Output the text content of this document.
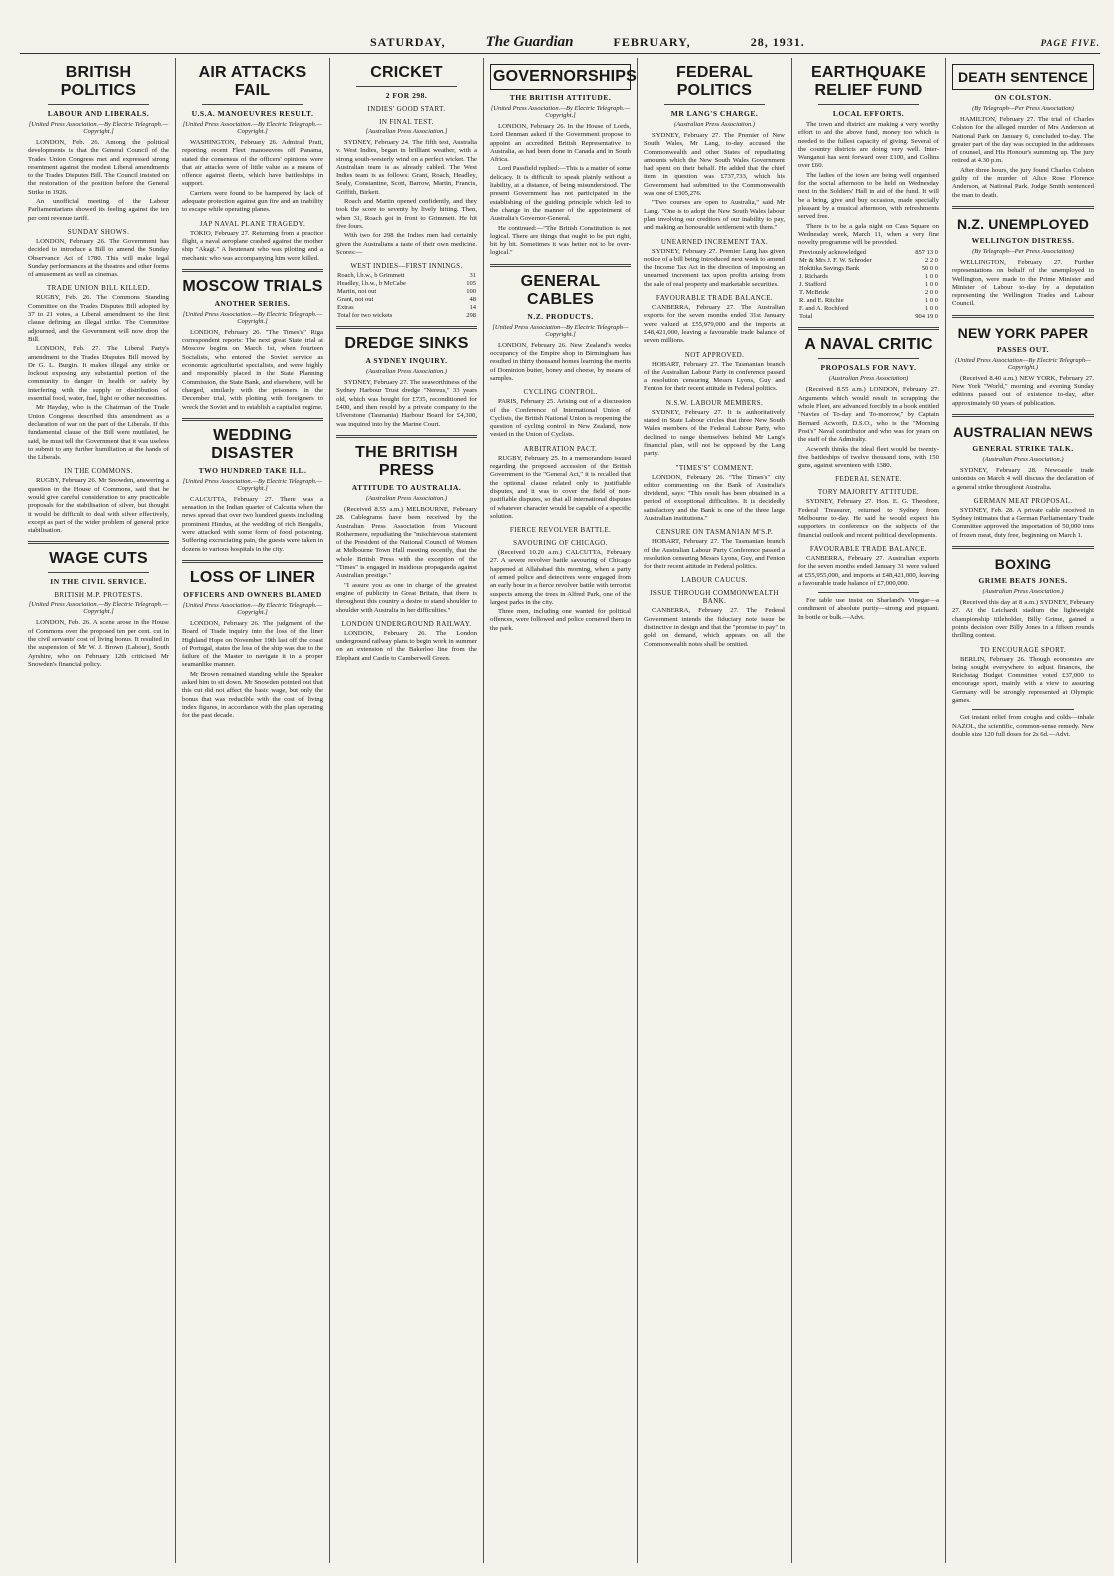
SATURDAY,	The Guardian	FEBRUARY,	28, 1931.	PAGE FIVE.
BRITISH POLITICS
LABOUR AND LIBERALS.
[United Press Association.—By Electric Telegraph.—Copyright.]

LONDON, Feb. 26. Among the political developments is that the General Council of the Trades Union Congress met and expressed strong resentment against the modest Liberal amendments to the Trades Disputes Bill. The Council insisted on the restoration of the position before the General Strike in 1926.

An unofficial meeting of the Labour Parliamentarians showed its feeling against the ten per cent revenue tariff.

SUNDAY SHOWS.

LONDON, February 26. The Government has decided to introduce a Bill to amend the Sunday Observance Act of 1780. This will make legal Sunday performances at the theatres and other forms of amusement as well as cinemas.

TRADE UNION BILL KILLED.

RUGBY, Feb. 26. The Commons Standing Committee on the Trades Disputes Bill adopted by 37 to 21 votes, a Liberal amendment to the first clause defining an illegal strike. The Committee adjourned, and the Government will now drop the Bill.

LONDON, Feb. 27. The Liberal Party's amendment to the Trades Disputes Bill moved by Dr G. L. Burgin. It makes illegal any strike or lockout exposing any substantial portion of the community to danger in health or safety by interfering with the supply or distribution of essential food, water, fuel, light or other necessities.

Mr Hayday, who is the Chairman of the Trade Union Congress described this amendment as a declaration of war on the part of the Liberals. If this fundamental clause of the Bill were mutilated, he said, he must tell the Government that it was useless to submit to any further humiliation at the hands of the Liberals.

IN THE COMMONS.

RUGBY, February 26. Mr Snowden, answering a question in the House of Commons, said that he would give careful consideration to any practicable proposals for the stabilisation of silver, but thought it would be difficult to deal with silver effectively, except as part of the wider problem of general price stabilisation.

WAGE CUTS
IN THE CIVIL SERVICE.
BRITISH M.P. PROTESTS.
[United Press Association.—By Electric Telegraph.—Copyright.]

LONDON, Feb. 26. A scene arose in the House of Commons over the proposed ten per cent. cut in the civil servants' cost of living bonus. It resulted in the suspension of Mr W. J. Brown (Labour), South Ayrshire, who on February 12th criticised Mr Snowden's financial policy.

AIR ATTACKS FAIL
U.S.A. MANOEUVRES RESULT.
[United Press Association.—By Electric Telegraph.—Copyright.]

WASHINGTON, February 26. Admiral Pratt, reporting recent Fleet manoeuvres off Panama, stated the consensus of the officers' opinions were that air attacks were of little value as a means of offence against fleets, which have battleships in support.

Carriers were found to be hampered by lack of adequate protection against gun fire and an inability to escape while operating planes.

JAP NAVAL PLANE TRAGEDY.

TOKIO, February 27. Returning from a practice flight, a naval aeroplane crashed against the mother ship "Akagi." A lieutenant who was piloting and a mechanic who was accompanying him were killed.

MOSCOW TRIALS
ANOTHER SERIES.
[United Press Association.—By Electric Telegraph.—Copyright.]

LONDON, February 26. "The Times's" Riga correspondent reports: The next great State trial at Moscow begins on March 1st, when fourteen Socialists, who entered the Soviet service as economic agriculturist specialists, and were highly and responsibly placed in the State Planning Commission, the State Bank, and elsewhere, will be charged, similarly with the prisoners in the December trial, with plotting with foreigners to wreck the Soviet and to establish a capitalist regime.

WEDDING DISASTER
TWO HUNDRED TAKE ILL.
[United Press Association.—By Electric Telegraph.—Copyright.]

CALCUTTA, February 27. There was a sensation in the Indian quarter of Calcutta when the news spread that over two hundred guests including prominent Hindus, at the wedding of rich Bengalis, were attacked with some form of food poisoning. Suffering excruciating pain, the guests were taken in dozens to various hospitals in the city.

LOSS OF LINER
OFFICERS AND OWNERS BLAMED
[United Press Association.—By Electric Telegraph.—Copyright.]

LONDON, February 26. The judgment of the Board of Trade inquiry into the loss of the liner Highland Hope on November 19th last off the coast of Portugal, states the loss of the ship was due to the failure of the Master to navigate it in a proper seamanlike manner.

Mr Brown remained standing while the Speaker asked him to sit down. Mr Snowden pointed out that this cut did not affect the basic wage, but only the bonus that was reducible with the cost of living index figures, in accordance with the plan operating for the past decade.

CRICKET
2 FOR 298.
INDIES' GOOD START.
IN FINAL TEST.
[Australian Press Association.]

SYDNEY, February 24. The fifth test, Australia v. West Indies, began in brilliant weather, with a strong south-westerly wind on a perfect wicket. The Australian team is as already cabled. The West Indies team is as follows: Grant, Roach, Headley, Sealy, Constantine, Scott, Barrow, Martin, Francis, Griffith, Birkett.

Roach and Martin opened confidently, and they took the score to seventy by lively hitting. Then, when 31, Roach got in front to Grimmett. He hit five fours.

With two for 298 the Indies men had certainly given the Australians a taste of their own medicine. Scores:—

WEST INDIES—FIRST INNINGS.
Roach, l.b.w., b Grimmett	31
Headley, l.b.w., b McCabe	105
Martin, not out	100
Grant, not out	48
Extras	14
Total for two wickets	298
DREDGE SINKS
A SYDNEY INQUIRY.
(Australian Press Association.)

SYDNEY, February 27. The seaworthiness of the Sydney Harbour Trust dredge "Nereus," 33 years old, which was bought for £735, reconditioned for £400, and then resold by a private company to the Ulverstone (Tasmania) Harbour Board for £4,300, was inquired into by the Marine Court.

THE BRITISH PRESS
ATTITUDE TO AUSTRALIA.
(Australian Press Association.)

(Received 8.55 a.m.) MELBOURNE, February 28. Cablegrams have been received by the Australian Press Association from Viscount Rothermere, repudiating the "mischievous statement of the President of the National Council of Women at Melbourne Town Hall meeting recently, that the whole British Press with the exception of the "Times" is engaged in insidious propaganda against Australian prestige."

"I assure you as one in charge of the greatest engine of publicity in Great Britain, that there is throughout this country a desire to stand shoulder to shoulder with Australia in her difficulties."

LONDON UNDERGROUND RAILWAY.

LONDON, February 26. The London underground railway plans to begin work in summer on an extension of the Bakerloo line from the Elephant and Castle to Camberwell Green.

GOVERNORSHIPS
THE BRITISH ATTITUDE.
[United Press Association.—By Electric Telegraph.—Copyright.]

LONDON, February 26. In the House of Lords, Lord Denman asked if the Government propose to appoint an accredited British Representative to Australia, as had been done in Canada and in South Africa.

Lord Passfield replied:—This is a matter of some delicacy. It is difficult to speak plainly without a liability, at a distance, of being misunderstood. The present Government has not participated in the establishing of the guiding principle which led to the change in the manner of the appointment of Australia's Governor-General.

He continued:—"The British Constitution is not logical. There are things that ought to be put right, bit by bit. Sometimes it was better not to be over-logical."

GENERAL CABLES
N.Z. PRODUCTS.
[United Press Association—By Electric Telegraph—Copyright.]

LONDON, February 26. New Zealand's weeks occupancy of the Empire shop in Birmingham has resulted in thirty thousand homes learning the merits of Dominion butter, honey and cheese, by means of samples.

CYCLING CONTROL.

PARIS, February 25. Arising out of a discussion of the Conference of International Union of Cyclists, the British National Union is reopening the question of cycling control in New Zealand, now vested in the Union of Cyclists.

ARBITRATION PACT.

RUGBY, February 25. In a memorandum issued regarding the proposed accession of the British Government to the "General Act," it is recalled that the optional clause related only to justifiable disputes, and it was to cover the field of non-justifiable disputes, so that all international disputes of whatever character would be capable of a specific solution.

FIERCE REVOLVER BATTLE.
SAVOURING OF CHICAGO.

(Received 10.20 a.m.) CALCUTTA, February 27. A severe revolver battle savouring of Chicago happened at Allahabad this morning, when a party of armed police and detectives were engaged from an early hour in a fierce revolver battle with terrorist suspects among the trees in Alfred Park, one of the largest parks in the city.

Three men, including one wanted for political offences, were followed and police cornered them in the park.

FEDERAL POLITICS
MR LANG'S CHARGE.
(Australian Press Association.)

SYDNEY, February 27. The Premier of New South Wales, Mr Lang, to-day accused the Commonwealth and other States of repudiating amounts which the New South Wales Government had spent on their behalf. He added that the chief item in question was £737,733, which his Government had submitted to the Commonwealth was one of £305,276.

"Two courses are open to Australia," said Mr Lang. "One is to adopt the New South Wales labour plan involving our creditors of our inability to pay, and making an honourable settlement with them."

UNEARNED INCREMENT TAX.

SYDNEY, February 27. Premier Lang has given notice of a bill being introduced next week to amend the Income Tax Act in the direction of imposing an unearned increment tax upon profits arising from the sale of real property and marketable securities.

FAVOURABLE TRADE BALANCE.

CANBERRA, February 27. The Australian exports for the seven months ended 31st January were valued at £55,979,000 and the imports at £48,421,000, leaving a favourable trade balance of seven millions.

NOT APPROVED.

HOBART, February 27. The Tasmanian branch of the Australian Labour Party in conference passed a resolution censuring Messrs Lyons, Guy and Fenton for their recent attitude in Federal politics.

N.S.W. LABOUR MEMBERS.

SYDNEY, February 27. It is authoritatively stated in State Labour circles that three New South Wales members of the Federal Labour Party, who declined to range themselves behind Mr Lang's financial plan, will not be opposed by the Lang party.

"TIMES'S" COMMENT.

LONDON, February 26. "The Times's" city editor commenting on the Bank of Australia's dividend, says: "This result has been obtained in a period of exceptional difficulties. It is decidedly satisfactory and the Bank is one of the three large Australian institutions."

CENSURE ON TASMANIAN M'S.P.

HOBART, February 27. The Tasmanian branch of the Australian Labour Party Conference passed a resolution censuring Messrs Lyons, Guy, and Fenton for their recent attitude in Federal politics.

LABOUR CAUCUS.
ISSUE THROUGH COMMONWEALTH BANK.

CANBERRA, February 27. The Federal Government intends the fiduciary note issue be distinctive in design and that the "promise to pay" in gold on demand, which appears on all the Commonwealth notes shall be omitted.

EARTHQUAKE RELIEF FUND
LOCAL EFFORTS.

The town and district are making a very worthy effort to aid the above fund, money too which is needed to the fullest capacity of giving. Several of the country districts are doing very well. Inter-Wanganui has sent forward over £100, and Collins over £60.

The ladies of the town are being well organised for the social afternoon to be held on Wednesday next in the Soldiers' Hall in aid of the fund. It will be a bring, give and buy occasion, made specially pleasant by a musical afternoon, with refreshments served free.

There is to be a gala night on Cass Square on Wednesday week, March 11, when a very fine novelty programme will be provided.

Previously acknowledged	857 13 0
Mr & Mrs J. F. W. Schroder	2 2 0
Hokitika Savings Bank	50 0 0
J. Richards	1 0 0
J. Stafford	1 0 0
T. McBride	2 0 0
R. and E. Ritchie	1 0 0
F. and A. Rochford	1 0 0
Total	904 19 0
A NAVAL CRITIC
PROPOSALS FOR NAVY.
(Australian Press Association)

(Received 8.55 a.m.) LONDON, February 27. Arguments which would result in scrapping the whole Fleet, are advanced forcibly in a book entitled "Navies of To-day and To-morrow," by Captain Bernard Acworth, D.S.O., who is the "Morning Post's" Naval contributor and who was for years on the staff of the Admiralty.

Acworth thinks the ideal fleet would be twenty-five battleships of twelve thousand tons, with 150 guns, against seventeen with 1380.

FEDERAL SENATE.
TORY MAJORITY ATTITUDE.

SYDNEY, February 27. Hon. E. G. Theodore, Federal Treasurer, returned to Sydney from Melbourne to-day. He said he would expect his supporters in conference on the subjects of the financial outlook and recent political developments.

FAVOURABLE TRADE BALANCE.

CANBERRA, February 27. Australian exports for the seven months ended January 31 were valued at £55,955,000, and imports at £48,421,000, leaving a favourable trade balance of £7,000,000.

For table use insist on Sharland's Vinegar—a condiment of absolute purity—strong and piquant. In bottle or bulk.—Advt.

DEATH SENTENCE
ON COLSTON.
(By Telegraph—Per Press Association)

HAMILTON, February 27. The trial of Charles Colston for the alleged murder of Mrs Anderson at National Park on January 6, concluded to-day. The greater part of the day was occupied in the addresses of counsel, and His Honour's summing up. The jury retired at 4.30 p.m.

After three hours, the jury found Charles Colston guilty of the murder of Alice Rose Florence Anderson, at National Park. Judge Smith sentenced the man to death.

N.Z. UNEMPLOYED
WELLINGTON DISTRESS.
(By Telegraph—Per Press Association)

WELLINGTON, February 27. Further representations on behalf of the unemployed in Wellington, were made to the Prime Minister and Minister of Labour to-day by a deputation representing the Wellington Trades and Labour Council.

NEW YORK PAPER
PASSES OUT.
(United Press Association—By Electric Telegraph—Copyright.)

(Received 8.40 a.m.) NEW YORK, February 27. New York "World," morning and evening Sunday editions passed out of existence to-day, after approximately 60 years of publication.

AUSTRALIAN NEWS
GENERAL STRIKE TALK.
(Australian Press Association.)

SYDNEY, February 28. Newcastle trade unionists on March 4 will discuss the declaration of a general strike throughout Australia.

GERMAN MEAT PROPOSAL.

SYDNEY, Feb. 28. A private cable received in Sydney intimates that a German Parliamentary Trade Committee approved the importation of 50,000 tons of frozen meat, duty free, beginning on March 1.

BOXING
GRIME BEATS JONES.
(Australian Press Association.)

(Received this day at 8 a.m.) SYDNEY, February 27. At the Leichardt stadium the lightweight championship titleholder, Billy Grime, gained a points decision over Billy Jones in a fifteen rounds thrilling contest.

TO ENCOURAGE SPORT.

BERLIN, February 26. Though economies are being sought everywhere to adjust finances, the Reichstag Budget Committee voted £37,000 to encourage sport, mainly with a view to assuring Germany will be strongly represented at Olympic games.

Get instant relief from coughs and colds—inhale NAZOL, the scientific, common-sense remedy. New double size 120 full doses for 2s 6d.—Advt.
